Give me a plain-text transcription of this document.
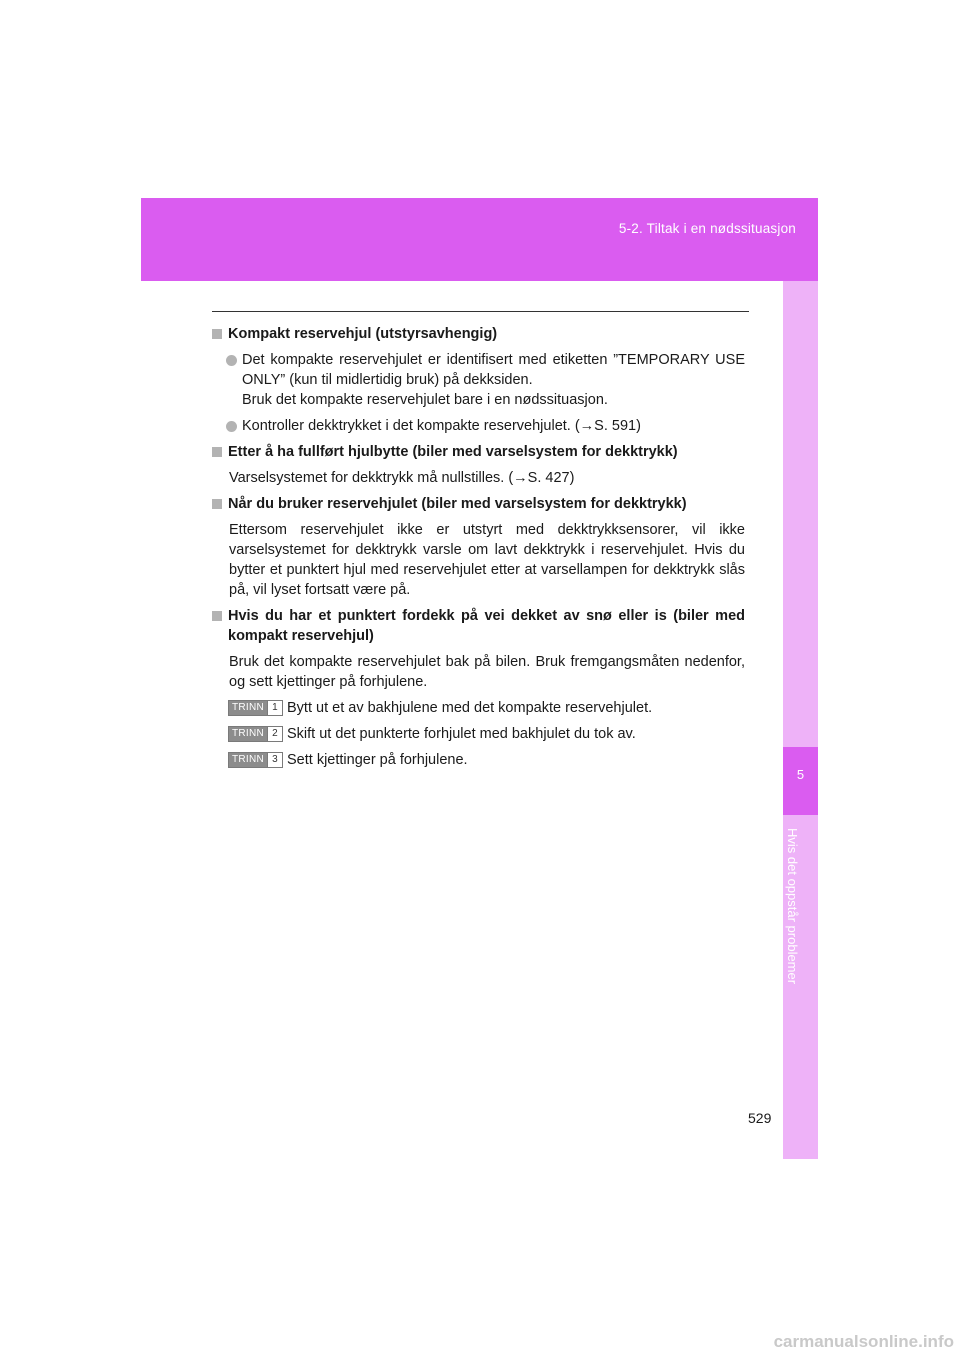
5-2. Tiltak i en nødssituasjon
5
Hvis det oppstår problemer
Kompakt reservehjul (utstyrsavhengig)
Det kompakte reservehjulet er identifisert med etiketten ”TEMPORARY USE ONLY” (kun til midlertidig bruk) på dekksiden.
Bruk det kompakte reservehjulet bare i en nødssituasjon.
Kontroller dekktrykket i det kompakte reservehjulet. (→S. 591)
Etter å ha fullført hjulbytte (biler med varselsystem for dekktrykk)
Varselsystemet for dekktrykk må nullstilles. (→S. 427)
Når du bruker reservehjulet (biler med varselsystem for dekktrykk)
Ettersom reservehjulet ikke er utstyrt med dekktrykksensorer, vil ikke varselsystemet for dekktrykk varsle om lavt dekktrykk i reservehjulet. Hvis du bytter et punktert hjul med reservehjulet etter at varsellampen for dekktrykk slås på, vil lyset fortsatt være på.
Hvis du har et punktert fordekk på vei dekket av snø eller is (biler med kompakt reservehjul)
Bruk det kompakte reservehjulet bak på bilen. Bruk fremgangsmåten nedenfor, og sett kjettinger på forhjulene.
TRINN 1 Bytt ut et av bakhjulene med det kompakte reservehjulet.
TRINN 2 Skift ut det punkterte forhjulet med bakhjulet du tok av.
TRINN 3 Sett kjettinger på forhjulene.
529
carmanualsonline.info
